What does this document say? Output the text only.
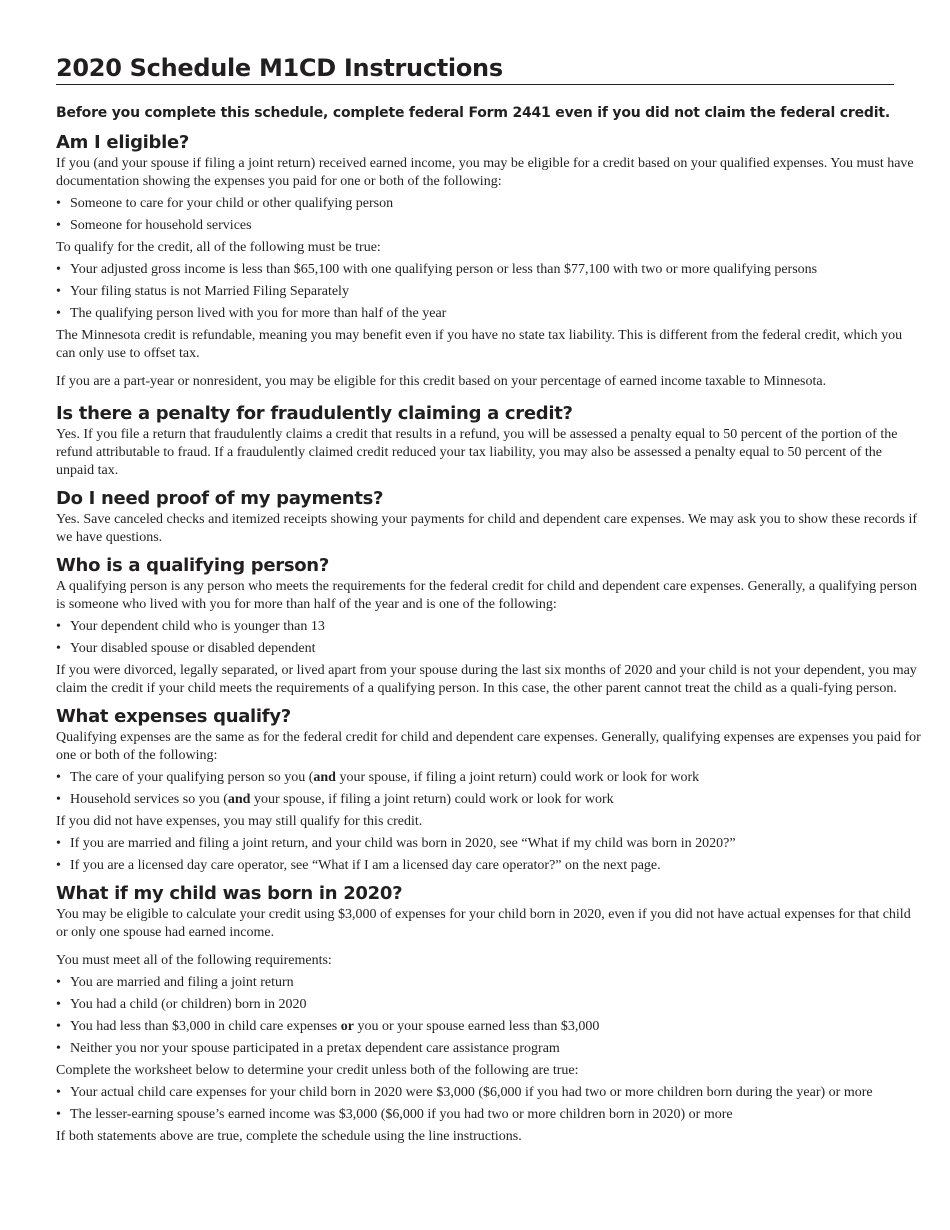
2020 Schedule M1CD Instructions

Before you complete this schedule, complete federal Form 2441 even if you did not claim the federal credit.

Am I eligible?

If you (and your spouse if filing a joint return) received earned income, you may be eligible for a credit based on your qualified expenses. You must have documentation showing the expenses you paid for one or both of the following:

• Someone to care for your child or other qualifying person
• Someone for household services

To qualify for the credit, all of the following must be true:

• Your adjusted gross income is less than $65,100 with one qualifying person or less than $77,100 with two or more qualifying persons
• Your filing status is not Married Filing Separately
• The qualifying person lived with you for more than half of the year

The Minnesota credit is refundable, meaning you may benefit even if you have no state tax liability. This is different from the federal credit, which you can only use to offset tax.

If you are a part-year or nonresident, you may be eligible for this credit based on your percentage of earned income taxable to Minnesota.

Is there a penalty for fraudulently claiming a credit?

Yes. If you file a return that fraudulently claims a credit that results in a refund, you will be assessed a penalty equal to 50 percent of the portion of the refund attributable to fraud. If a fraudulently claimed credit reduced your tax liability, you may also be assessed a penalty equal to 50 percent of the unpaid tax.

Do I need proof of my payments?

Yes. Save canceled checks and itemized receipts showing your payments for child and dependent care expenses. We may ask you to show these records if we have questions.

Who is a qualifying person?

A qualifying person is any person who meets the requirements for the federal credit for child and dependent care expenses. Generally, a qualifying person is someone who lived with you for more than half of the year and is one of the following:

• Your dependent child who is younger than 13
• Your disabled spouse or disabled dependent

If you were divorced, legally separated, or lived apart from your spouse during the last six months of 2020 and your child is not your dependent, you may claim the credit if your child meets the requirements of a qualifying person. In this case, the other parent cannot treat the child as a quali-fying person.

What expenses qualify?

Qualifying expenses are the same as for the federal credit for child and dependent care expenses. Generally, qualifying expenses are expenses you paid for one or both of the following:

• The care of your qualifying person so you (and your spouse, if filing a joint return) could work or look for work
• Household services so you (and your spouse, if filing a joint return) could work or look for work

If you did not have expenses, you may still qualify for this credit.

• If you are married and filing a joint return, and your child was born in 2020, see “What if my child was born in 2020?”
• If you are a licensed day care operator, see “What if I am a licensed day care operator?” on the next page.
What if my child was born in 2020?

You may be eligible to calculate your credit using $3,000 of expenses for your child born in 2020, even if you did not have actual expenses for that child or only one spouse had earned income.

You must meet all of the following requirements:

• You are married and filing a joint return
• You had a child (or children) born in 2020
• You had less than $3,000 in child care expenses or you or your spouse earned less than $3,000
• Neither you nor your spouse participated in a pretax dependent care assistance program

Complete the worksheet below to determine your credit unless both of the following are true:

• Your actual child care expenses for your child born in 2020 were $3,000 ($6,000 if you had two or more children born during the year) or more
• The lesser-earning spouse’s earned income was $3,000 ($6,000 if you had two or more children born in 2020) or more

If both statements above are true, complete the schedule using the line instructions.
